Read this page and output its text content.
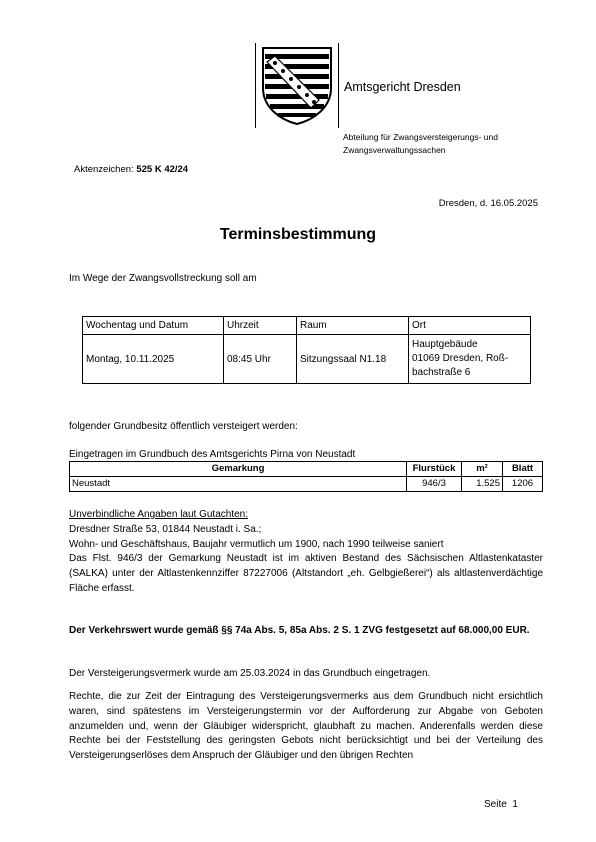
Amtsgericht Dresden
Abteilung für Zwangsversteigerungs- und Zwangsverwaltungssachen
Aktenzeichen: 525 K 42/24
Dresden, d. 16.05.2025
Terminsbestimmung
Im Wege der Zwangsvollstreckung soll am
Wochentag und Datum	Uhrzeit	Raum	Ort
Montag, 10.11.2025	08:45 Uhr	Sitzungssaal N1.18	Hauptgebäude
01069 Dresden, Roß-
bachstraße 6
folgender Grundbesitz öffentlich versteigert werden:
Eingetragen im Grundbuch des Amtsgerichts Pirna von Neustadt
Gemarkung	Flurstück	m²	Blatt
Neustadt	946/3	1.525	1206
Unverbindliche Angaben laut Gutachten:
Dresdner Straße 53, 01844 Neustadt i. Sa.;
Wohn- und Geschäftshaus, Baujahr vermutlich um 1900, nach 1990 teilweise saniert
Das Flst. 946/3 der Gemarkung Neustadt ist im aktiven Bestand des Sächsischen Altlastenkataster (SALKA) unter der Altlastenkennziffer 87227006 (Altstandort „eh. Gelbgießerei“) als altlastenverdächtige Fläche erfasst.
Der Verkehrswert wurde gemäß §§ 74a Abs. 5, 85a Abs. 2 S. 1 ZVG festgesetzt auf 68.000,00 EUR.
Der Versteigerungsvermerk wurde am 25.03.2024 in das Grundbuch eingetragen.
Rechte, die zur Zeit der Eintragung des Versteigerungsvermerks aus dem Grundbuch nicht ersichtlich waren, sind spätestens im Versteigerungstermin vor der Aufforderung zur Abgabe von Geboten anzumelden und, wenn der Gläubiger widerspricht, glaubhaft zu machen. Anderenfalls werden diese Rechte bei der Feststellung des geringsten Gebots nicht berücksichtigt und bei der Verteilung des Versteigerungserlöses dem Anspruch der Gläubiger und den übrigen Rechten
Seite  1
